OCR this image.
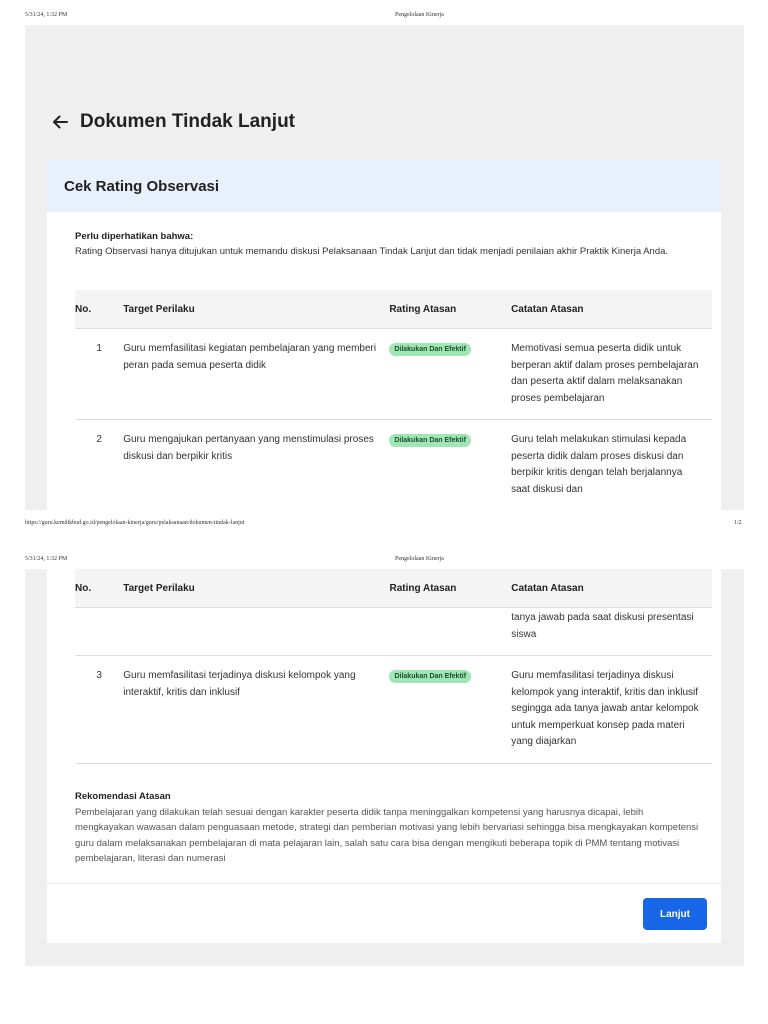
5/31/24, 1:32 PM	Pengelolaan Kinerja
Dokumen Tindak Lanjut
Cek Rating Observasi
Perlu diperhatikan bahwa:
Rating Observasi hanya ditujukan untuk memandu diskusi Pelaksanaan Tindak Lanjut dan tidak menjadi penilaian akhir Praktik Kinerja Anda.
No.	Target Perilaku	Rating Atasan	Catatan Atasan
1	Guru memfasilitasi kegiatan pembelajaran yang memberi peran pada semua peserta didik	Dilakukan Dan Efektif	Memotivasi semua peserta didik untuk berperan aktif dalam proses pembelajaran dan peserta aktif dalam melaksanakan proses pembelajaran
2	Guru mengajukan pertanyaan yang menstimulasi proses diskusi dan berpikir kritis	Dilakukan Dan Efektif	Guru telah melakukan stimulasi kepada peserta didik dalam proses diskusi dan berpikir kritis dengan telah berjalannya saat diskusi dan
https://guru.kemdikbud.go.id/pengelolaan-kinerja/guru/pelaksanaan/dokumen-tindak-lanjut	1/2
5/31/24, 1:32 PM	Pengelolaan Kinerja
No.	Target Perilaku	Rating Atasan	Catatan Atasan
			tanya jawab pada saat diskusi presentasi siswa
3	Guru memfasilitasi terjadinya diskusi kelompok yang interaktif, kritis dan inklusif	Dilakukan Dan Efektif	Guru memfasilitasi terjadinya diskusi kelompok yang interaktif, kritis dan inklusif segingga ada tanya jawab antar kelompok untuk memperkuat konsep pada materi yang diajarkan
Rekomendasi Atasan
Pembelajaran yang dilakukan telah sesuai dengan karakter peserta didik tanpa meninggalkan kompetensi yang harusnya dicapai, lebih mengkayakan wawasan dalam penguasaan metode, strategi dan pemberian motivasi yang lebih bervariasi sehingga bisa mengkayakan kompetensi guru dalam melaksanakan pembelajaran di mata pelajaran lain, salah satu cara bisa dengan mengikuti beberapa topik di PMM tentang motivasi pembelajaran, literasi dan numerasi
Lanjut
